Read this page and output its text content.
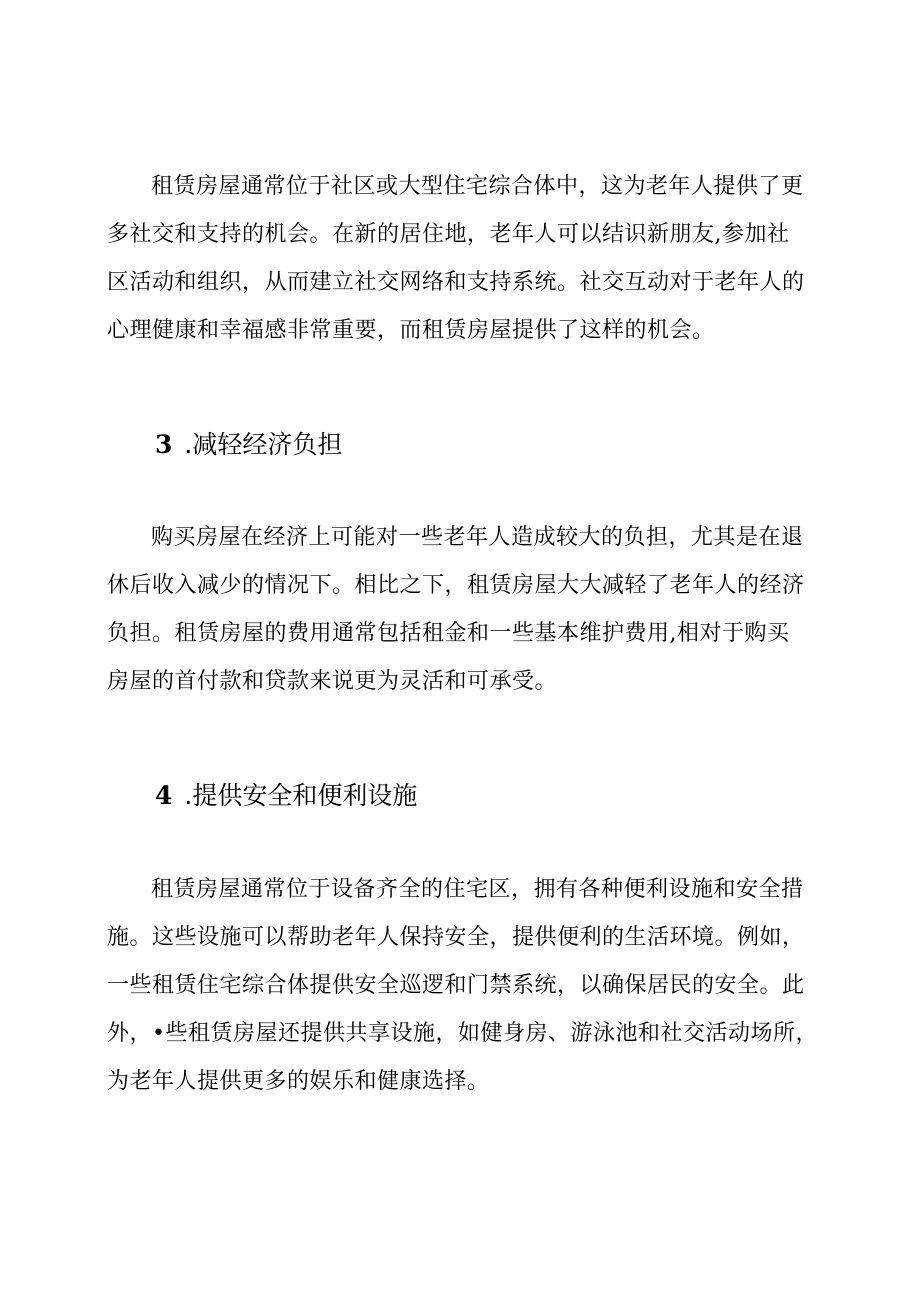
租赁房屋通常位于社区或大型住宅综合体中，这为老年人提供了更
多社交和支持的机会。在新的居住地，老年人可以结识新朋友,参加社
区活动和组织，从而建立社交网络和支持系统。社交互动对于老年人的
心理健康和幸福感非常重要，而租赁房屋提供了这样的机会。

3 .减轻经济负担

购买房屋在经济上可能对一些老年人造成较大的负担，尤其是在退
休后收入减少的情况下。相比之下，租赁房屋大大减轻了老年人的经济
负担。租赁房屋的费用通常包括租金和一些基本维护费用,相对于购买
房屋的首付款和贷款来说更为灵活和可承受。

4 .提供安全和便利设施

租赁房屋通常位于设备齐全的住宅区，拥有各种便利设施和安全措
施。这些设施可以帮助老年人保持安全，提供便利的生活环境。例如，
一些租赁住宅综合体提供安全巡逻和门禁系统，以确保居民的安全。此
外，•些租赁房屋还提供共享设施，如健身房、游泳池和社交活动场所，
为老年人提供更多的娱乐和健康选择。
